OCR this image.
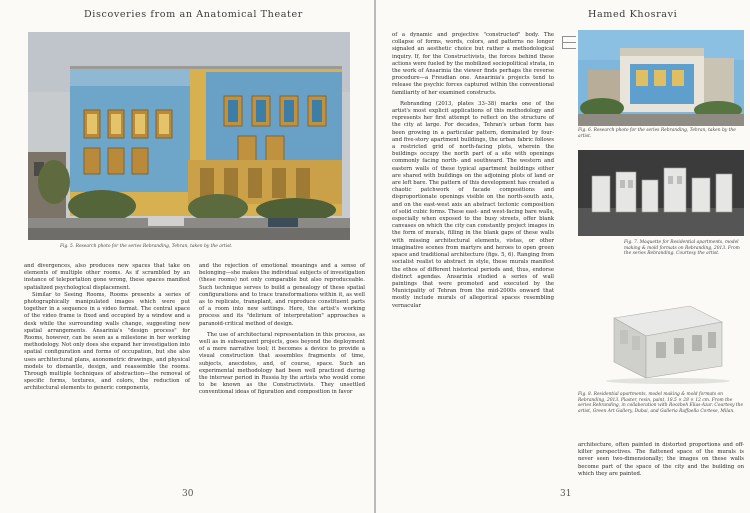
Discoveries from an Anatomical Theater
Fig. 5. Research photo for the series Rebranding, Tehran, taken by the artist.

and divergences, also produces new spaces that take on elements of multiple other rooms. As if scrambled by an instance of teleportation gone wrong, these spaces manifest spatialized psychological displacement.

Similar to Seeing Rooms, Rooms presents a series of photographically manipulated images which were put together in a sequence in a video format. The central space of the video frame is fixed and occupied by a window and a desk while the surrounding walls change, suggesting new spatial arrangements. Ansarinia's "design process" for Rooms, however, can be seen as a milestone in her working methodology. Not only does she expand her investigation into spatial configuration and forms of occupation, but she also uses architectural plans, axonometric drawings, and physical models to dismantle, design, and reassemble the rooms. Through multiple techniques of abstraction—the removal of specific forms, textures, and colors, the reduction of architectural elements to generic components,

and the rejection of emotional meanings and a sense of belonging—she makes the individual subjects of investigation (these rooms) not only comparable but also reproduceable. Such technique serves to build a genealogy of these spatial configurations and to trace transformations within it, as well as to replicate, transplant, and reproduce constituent parts of a room into new settings. Here, the artist's working process and its "delirium of interpretation" approaches a paranoid-critical method of design.

The use of architectural representation in this process, as well as in subsequent projects, goes beyond the deployment of a mere narrative tool; it becomes a device to provide a visual construction that assembles fragments of time, subjects, anecdotes, and, of course, space. Such an experimental methodology had been well practiced during the interwar period in Russia by the artists who would come to be known as the Constructivists. They unsettled conventional ideas of figuration and composition in favor

30
Hamed Khosravi

of a dynamic and projective "constructed" body. The collapse of forms, words, colors, and patterns no longer signaled an aesthetic choice but rather a methodological inquiry. If, for the Constructivists, the forces behind these actions were fueled by the mobilized sociopolitical strata, in the work of Ansarinia the viewer finds perhaps the reverse procedure—a Freudian one. Ansarinia's projects tend to release the psychic forces captured within the conventional familiarity of her examined constructs.

Rebranding (2013, plates 33–38) marks one of the artist's most explicit applications of this methodology and represents her first attempt to reflect on the structure of the city at large. For decades, Tehran's urban form has been growing in a particular pattern, dominated by four- and five-story apartment buildings, the urban fabric follows a restricted grid of north-facing plots, wherein the buildings occupy the north part of a site with openings commonly facing north- and southward. The western and eastern walls of these typical apartment buildings either are shared with buildings on the adjoining plots of land or are left bare. The pattern of this development has created a chaotic patchwork of facade compositions and disproportionate openings visible on the north-south axis, and on the east-west axis an abstract tectonic composition of solid cubic forms. These east- and west-facing bare walls, especially when exposed to the busy streets, offer blank canvases on which the city can constantly project images in the form of murals, filling in the blank gaps of these walls with missing architectural elements, vistas, or other imaginative scenes from martyrs and heroes to open green space and traditional architecture (figs. 5, 6). Ranging from socialist realist to abstract in style, these murals manifest the ethos of different historical periods and, thus, endorse distinct agendas. Ansarinia studied a series of wall paintings that were promoted and executed by the Municipality of Tehran from the mid-2000s onward that mostly include murals of allegorical spaces resembling vernacular

Fig. 6. Research photo for the series Rebranding, Tehran, taken by the artist.
Fig. 7. Maquette for Residential apartments, model making & mold formats on Rebranding, 2013. From the series Rebranding. Courtesy the artist.
Fig. 8. Residential apartments, model making & mold formats on Rebranding, 2013. Plaster, resin, paint, 18.5 × 28 × 12 cm. From the series Rebranding, in collaboration with Roozbeh Elias-Azar. Courtesy the artist, Green Art Gallery, Dubai, and Galleria Raffaella Cortese, Milan.

architecture, often painted in distorted proportions and off-kilter perspectives. The flattened space of the murals is never seen two-dimensionally; the images on these walls become part of the space of the city and the building on which they are painted.

31
